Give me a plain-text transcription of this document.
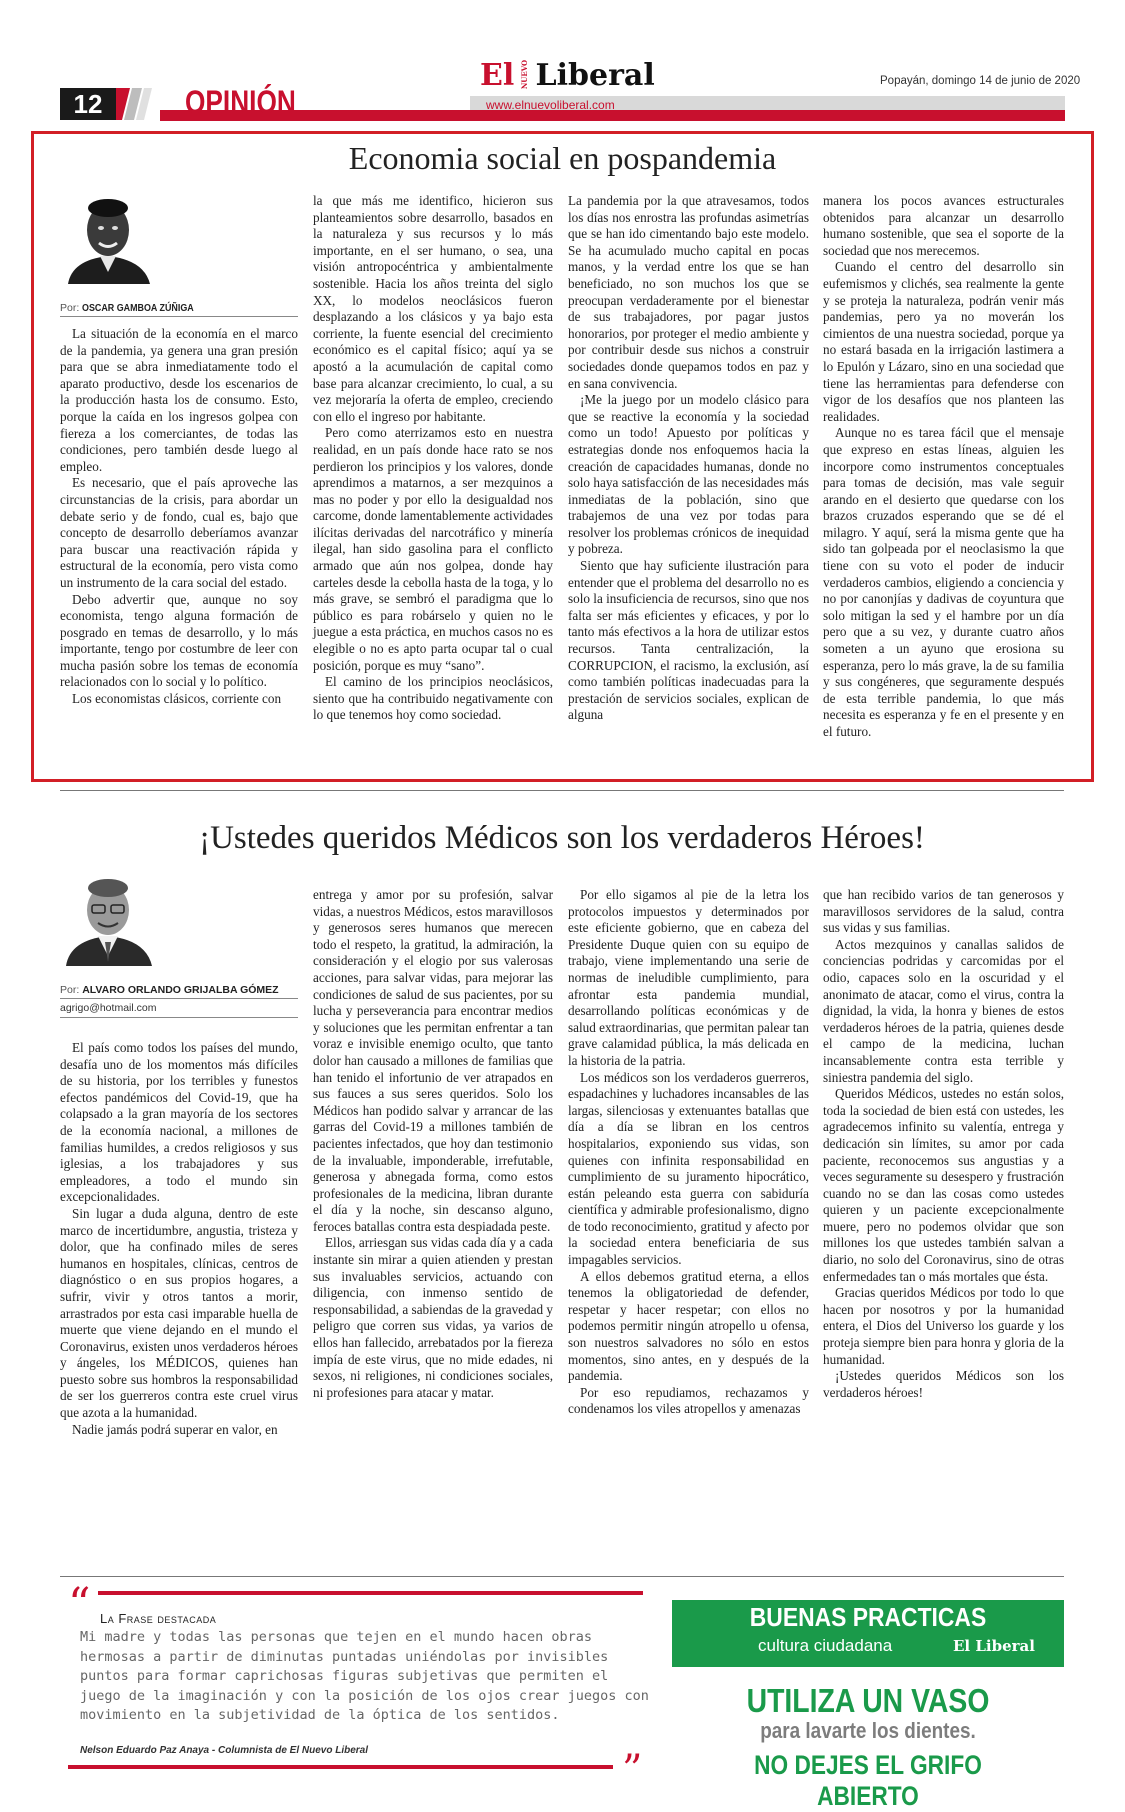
12	OPINIÓN
El NUEVO Liberal
www.elnuevoliberal.com
Popayán, domingo 14 de junio de 2020
Economia social en pospandemia
Por: OSCAR GAMBOA ZÚÑIGA

La situación de la economía en el marco de la pandemia, ya genera una gran presión para que se abra inmediatamente todo el aparato productivo, desde los escenarios de la producción hasta los de consumo. Esto, porque la caída en los ingresos golpea con fiereza a los comerciantes, de todas las condiciones, pero también desde luego al empleo.

Es necesario, que el país aproveche las circunstancias de la crisis, para abordar un debate serio y de fondo, cual es, bajo que concepto de desarrollo deberíamos avanzar para buscar una reactivación rápida y estructural de la economía, pero vista como un instrumento de la cara social del estado.

Debo advertir que, aunque no soy economista, tengo alguna formación de posgrado en temas de desarrollo, y lo más importante, tengo por costumbre de leer con mucha pasión sobre los temas de economía relacionados con lo social y lo político.

Los economistas clásicos, corriente con

la que más me identifico, hicieron sus planteamientos sobre desarrollo, basados en la naturaleza y sus recursos y lo más importante, en el ser humano, o sea, una visión antropocéntrica y ambientalmente sostenible. Hacia los años treinta del siglo XX, lo modelos neoclásicos fueron desplazando a los clásicos y ya bajo esta corriente, la fuente esencial del crecimiento económico es el capital físico; aquí ya se apostó a la acumulación de capital como base para alcanzar crecimiento, lo cual, a su vez mejoraría la oferta de empleo, creciendo con ello el ingreso por habitante.

Pero como aterrizamos esto en nuestra realidad, en un país donde hace rato se nos perdieron los principios y los valores, donde aprendimos a matarnos, a ser mezquinos a mas no poder y por ello la desigualdad nos carcome, donde lamentablemente actividades ilícitas derivadas del narcotráfico y minería ilegal, han sido gasolina para el conflicto armado que aún nos golpea, donde hay carteles desde la cebolla hasta de la toga, y lo más grave, se sembró el paradigma que lo público es para robárselo y quien no le juegue a esta práctica, en muchos casos no es elegible o no es apto parta ocupar tal o cual posición, porque es muy “sano”.

El camino de los principios neoclásicos, siento que ha contribuido negativamente con lo que tenemos hoy como sociedad.

La pandemia por la que atravesamos, todos los días nos enrostra las profundas asimetrías que se han ido cimentando bajo este modelo. Se ha acumulado mucho capital en pocas manos, y la verdad entre los que se han beneficiado, no son muchos los que se preocupan verdaderamente por el bienestar de sus trabajadores, por pagar justos honorarios, por proteger el medio ambiente y por contribuir desde sus nichos a construir sociedades donde quepamos todos en paz y en sana convivencia.

¡Me la juego por un modelo clásico para que se reactive la economía y la sociedad como un todo! Apuesto por políticas y estrategias donde nos enfoquemos hacia la creación de capacidades humanas, donde no solo haya satisfacción de las necesidades más inmediatas de la población, sino que trabajemos de una vez por todas para resolver los problemas crónicos de inequidad y pobreza.

Siento que hay suficiente ilustración para entender que el problema del desarrollo no es solo la insuficiencia de recursos, sino que nos falta ser más eficientes y eficaces, y por lo tanto más efectivos a la hora de utilizar estos recursos. Tanta centralización, la CORRUPCION, el racismo, la exclusión, así como también políticas inadecuadas para la prestación de servicios sociales, explican de alguna

manera los pocos avances estructurales obtenidos para alcanzar un desarrollo humano sostenible, que sea el soporte de la sociedad que nos merecemos.

Cuando el centro del desarrollo sin eufemismos y clichés, sea realmente la gente y se proteja la naturaleza, podrán venir más pandemias, pero ya no moverán los cimientos de una nuestra sociedad, porque ya no estará basada en la irrigación lastimera a lo Epulón y Lázaro, sino en una sociedad que tiene las herramientas para defenderse con vigor de los desafíos que nos planteen las realidades.

Aunque no es tarea fácil que el mensaje que expreso en estas líneas, alguien les incorpore como instrumentos conceptuales para tomas de decisión, mas vale seguir arando en el desierto que quedarse con los brazos cruzados esperando que se dé el milagro. Y aquí, será la misma gente que ha sido tan golpeada por el neoclasismo la que tiene con su voto el poder de inducir verdaderos cambios, eligiendo a conciencia y no por canonjías y dadivas de coyuntura que solo mitigan la sed y el hambre por un día pero que a su vez, y durante cuatro años someten a un ayuno que erosiona su esperanza, pero lo más grave, la de su familia y sus congéneres, que seguramente después de esta terrible pandemia, lo que más necesita es esperanza y fe en el presente y en el futuro.

¡Ustedes queridos Médicos son los verdaderos Héroes!
Por: ALVARO ORLANDO GRIJALBA GÓMEZ
agrigo@hotmail.com

El país como todos los países del mundo, desafía uno de los momentos más difíciles de su historia, por los terribles y funestos efectos pandémicos del Covid-19, que ha colapsado a la gran mayoría de los sectores de la economía nacional, a millones de familias humildes, a credos religiosos y sus iglesias, a los trabajadores y sus empleadores, a todo el mundo sin excepcionalidades.

Sin lugar a duda alguna, dentro de este marco de incertidumbre, angustia, tristeza y dolor, que ha confinado miles de seres humanos en hospitales, clínicas, centros de diagnóstico o en sus propios hogares, a sufrir, vivir y otros tantos a morir, arrastrados por esta casi imparable huella de muerte que viene dejando en el mundo el Coronavirus, existen unos verdaderos héroes y ángeles, los MÉDICOS, quienes han puesto sobre sus hombros la responsabilidad de ser los guerreros contra este cruel virus que azota a la humanidad.

Nadie jamás podrá superar en valor, en

entrega y amor por su profesión, salvar vidas, a nuestros Médicos, estos maravillosos y generosos seres humanos que merecen todo el respeto, la gratitud, la admiración, la consideración y el elogio por sus valerosas acciones, para salvar vidas, para mejorar las condiciones de salud de sus pacientes, por su lucha y perseverancia para encontrar medios y soluciones que les permitan enfrentar a tan voraz e invisible enemigo oculto, que tanto dolor han causado a millones de familias que han tenido el infortunio de ver atrapados en sus fauces a sus seres queridos. Solo los Médicos han podido salvar y arrancar de las garras del Covid-19 a millones también de pacientes infectados, que hoy dan testimonio de la invaluable, imponderable, irrefutable, generosa y abnegada forma, como estos profesionales de la medicina, libran durante el día y la noche, sin descanso alguno, feroces batallas contra esta despiadada peste.

Ellos, arriesgan sus vidas cada día y a cada instante sin mirar a quien atienden y prestan sus invaluables servicios, actuando con diligencia, con inmenso sentido de responsabilidad, a sabiendas de la gravedad y peligro que corren sus vidas, ya varios de ellos han fallecido, arrebatados por la fiereza impía de este virus, que no mide edades, ni sexos, ni religiones, ni condiciones sociales, ni profesiones para atacar y matar.

Por ello sigamos al pie de la letra los protocolos impuestos y determinados por este eficiente gobierno, que en cabeza del Presidente Duque quien con su equipo de trabajo, viene implementando una serie de normas de ineludible cumplimiento, para afrontar esta pandemia mundial, desarrollando políticas económicas y de salud extraordinarias, que permitan palear tan grave calamidad pública, la más delicada en la historia de la patria.

Los médicos son los verdaderos guerreros, espadachines y luchadores incansables de las largas, silenciosas y extenuantes batallas que día a día se libran en los centros hospitalarios, exponiendo sus vidas, son quienes con infinita responsabilidad en cumplimiento de su juramento hipocrático, están peleando esta guerra con sabiduría científica y admirable profesionalismo, digno de todo reconocimiento, gratitud y afecto por la sociedad entera beneficiaria de sus impagables servicios.

A ellos debemos gratitud eterna, a ellos tenemos la obligatoriedad de defender, respetar y hacer respetar; con ellos no podemos permitir ningún atropello u ofensa, son nuestros salvadores no sólo en estos momentos, sino antes, en y después de la pandemia.

Por eso repudiamos, rechazamos y condenamos los viles atropellos y amenazas

que han recibido varios de tan generosos y maravillosos servidores de la salud, contra sus vidas y sus familias.

Actos mezquinos y canallas salidos de conciencias podridas y carcomidas por el odio, capaces solo en la oscuridad y el anonimato de atacar, como el virus, contra la dignidad, la vida, la honra y bienes de estos verdaderos héroes de la patria, quienes desde el campo de la medicina, luchan incansablemente contra esta terrible y siniestra pandemia del siglo.

Queridos Médicos, ustedes no están solos, toda la sociedad de bien está con ustedes, les agradecemos infinito su valentía, entrega y dedicación sin límites, su amor por cada paciente, reconocemos sus angustias y a veces seguramente su desespero y frustración cuando no se dan las cosas como ustedes quieren y un paciente excepcionalmente muere, pero no podemos olvidar que son millones los que ustedes también salvan a diario, no solo del Coronavirus, sino de otras enfermedades tan o más mortales que ésta.

Gracias queridos Médicos por todo lo que hacen por nosotros y por la humanidad entera, el Dios del Universo los guarde y los proteja siempre bien para honra y gloria de la humanidad.

¡Ustedes queridos Médicos son los verdaderos héroes!

“ La Frase destacada
Mi madre y todas las personas que tejen en el mundo hacen obras hermosas a partir de diminutas puntadas uniéndolas por invisibles puntos para formar caprichosas figuras subjetivas que permiten el juego de la imaginación y con la posición de los ojos crear juegos con movimiento en la subjetividad de la óptica de los sentidos.
Nelson Eduardo Paz Anaya - Columnista de El Nuevo Liberal	”
BUENAS PRACTICAS
cultura ciudadana	El Liberal
UTILIZA UN VASO
para lavarte los dientes.
NO DEJES EL GRIFO ABIERTO
